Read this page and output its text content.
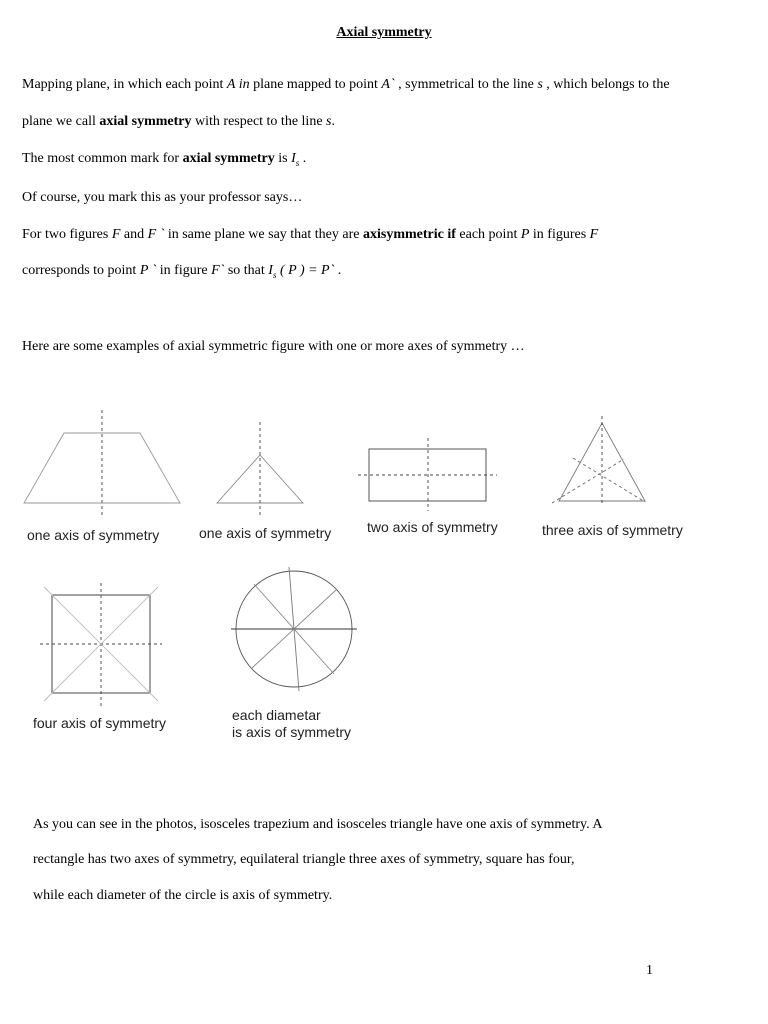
Axial symmetry
Mapping plane, in which each point A in plane mapped to point A` , symmetrical to the line s , which belongs to the
plane we call axial symmetry with respect to the line s.
The most common mark for axial symmetry is $I_s$ .
Of course, you mark this as your professor says…
For two figures F and F ` in same plane we say that they are axisymmetric if each point P in figures F
corresponds to point P ` in figure F` so that $I_s$ ( P ) = P` .
Here are some examples of axial symmetric figure with one or more axes of symmetry …
one axis of symmetry	one axis of symmetry	two axis of symmetry	three axis of symmetry
four axis of symmetry	each diametar
is axis of symmetry
As you can see in the photos, isosceles trapezium and isosceles triangle have one axis of symmetry. A
rectangle has two axes of symmetry, equilateral triangle three axes of symmetry, square has four,
while each diameter of the circle is axis of symmetry.
1
